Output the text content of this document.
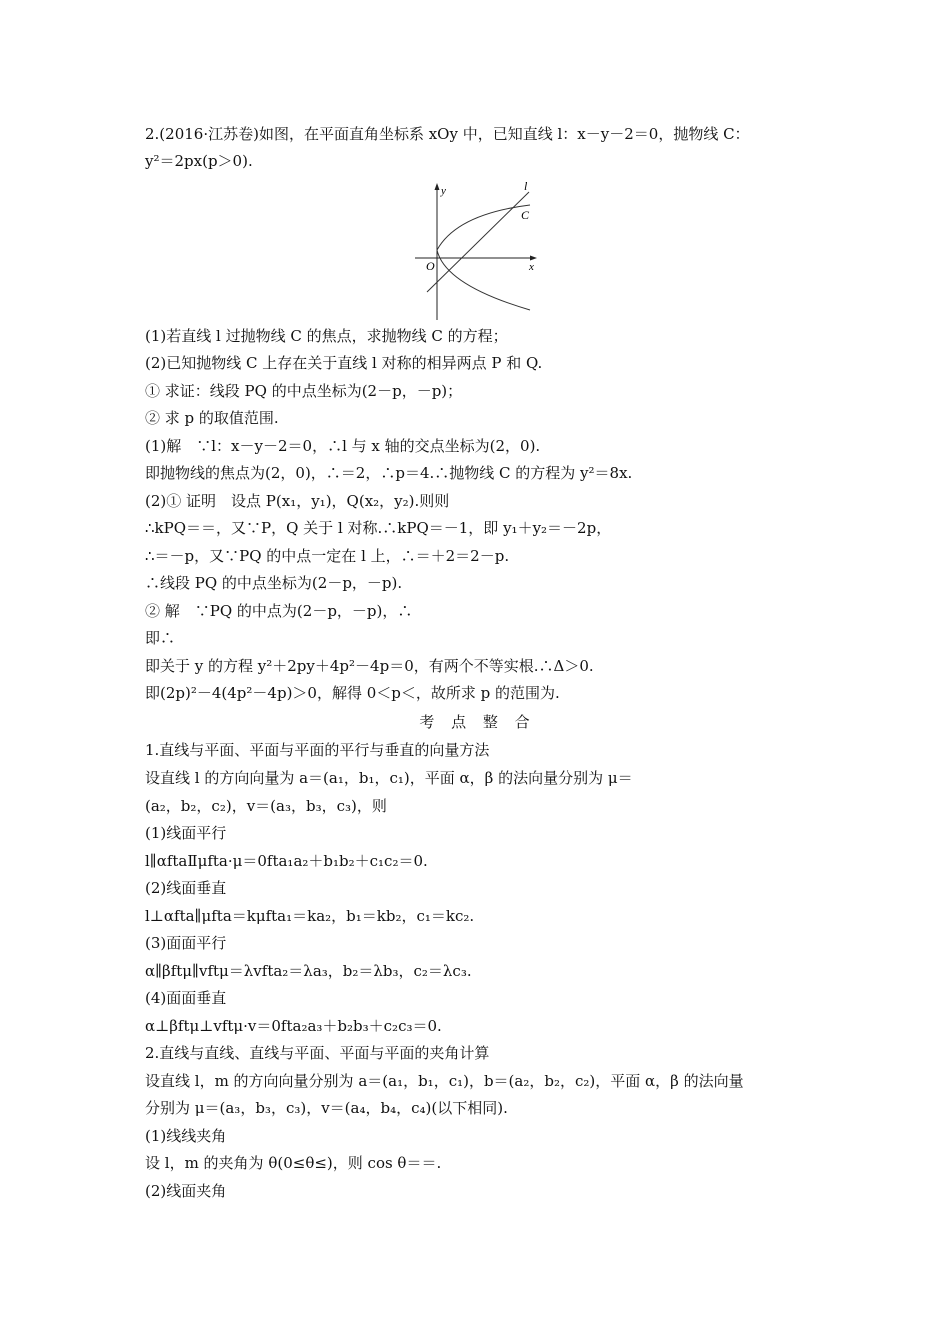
2.(2016·江苏卷)如图，在平面直角坐标系 xOy 中，已知直线 l：x－y－2＝0，抛物线 C：
y²＝2px(p＞0).
y
x
O
l
C
(1)若直线 l 过抛物线 C 的焦点，求抛物线 C 的方程；
(2)已知抛物线 C 上存在关于直线 l 对称的相异两点 P 和 Q.
① 求证：线段 PQ 的中点坐标为(2－p，－p)；
② 求 p 的取值范围.
(1)解　∵l：x－y－2＝0，∴l 与 x 轴的交点坐标为(2，0).
即抛物线的焦点为(2，0)，∴＝2，∴p＝4.∴抛物线 C 的方程为 y²＝8x.
(2)① 证明　设点 P(x₁，y₁)，Q(x₂，y₂).则则
∴kPQ＝＝，又∵P，Q 关于 l 对称.∴kPQ＝－1，即 y₁＋y₂＝－2p，
∴＝－p，又∵PQ 的中点一定在 l 上，∴＝＋2＝2－p.
∴线段 PQ 的中点坐标为(2－p，－p).
② 解　∵PQ 的中点为(2－p，－p)，∴
即∴
即关于 y 的方程 y²＋2py＋4p²－4p＝0，有两个不等实根.∴Δ＞0.
即(2p)²－4(4p²－4p)＞0，解得 0＜p＜，故所求 p 的范围为.
考 点 整 合
1.直线与平面、平面与平面的平行与垂直的向量方法
设直线 l 的方向向量为 a＝(a₁，b₁，c₁)，平面 α，β 的法向量分别为 μ＝
(a₂，b₂，c₂)，v＝(a₃，b₃，c₃)，则
(1)线面平行
l∥αftaⅡμftа·μ＝0fta₁a₂＋b₁b₂＋c₁c₂＝0.
(2)线面垂直
l⊥αfta∥μfta＝kμfta₁＝ka₂，b₁＝kb₂，c₁＝kc₂.
(3)面面平行
α∥βftμ∥vftμ＝λvfta₂＝λa₃，b₂＝λb₃，c₂＝λc₃.
(4)面面垂直
α⊥βftμ⊥vftμ·v＝0fta₂a₃＋b₂b₃＋c₂c₃＝0.
2.直线与直线、直线与平面、平面与平面的夹角计算
设直线 l，m 的方向向量分别为 a＝(a₁，b₁，c₁)，b＝(a₂，b₂，c₂)，平面 α，β 的法向量
分别为 μ＝(a₃，b₃，c₃)，v＝(a₄，b₄，c₄)(以下相同).
(1)线线夹角
设 l，m 的夹角为 θ(0≤θ≤)，则 cos θ＝＝.
(2)线面夹角
